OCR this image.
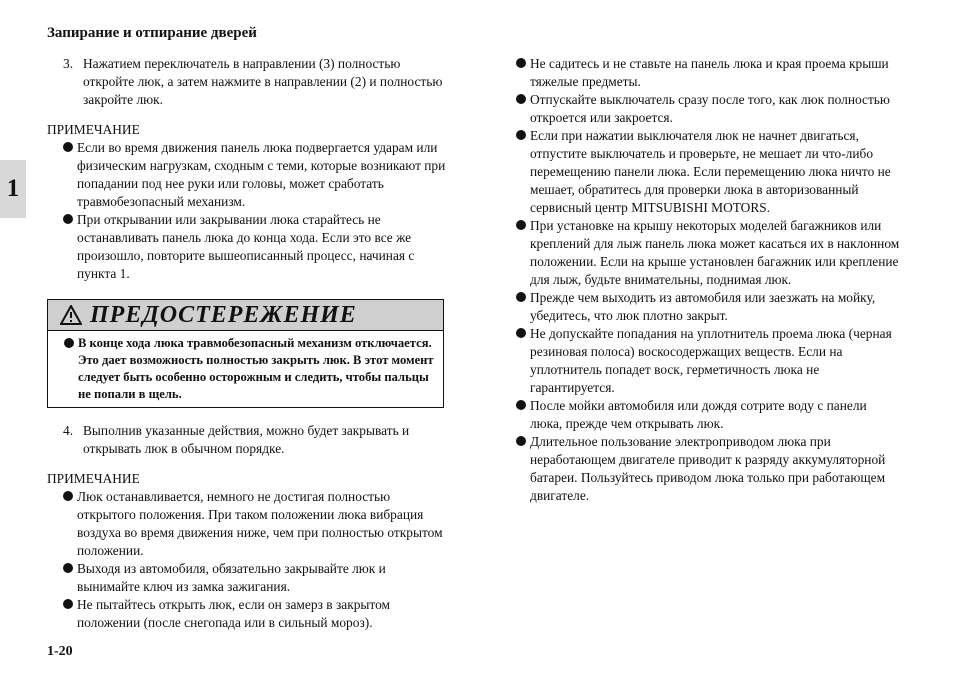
Запирание и отпирание дверей
1
3. Нажатием переключатель в направлении (3) полностью откройте люк, а затем нажмите в направлении (2) и полностью закройте люк.
ПРИМЕЧАНИЕ
Если во время движения панель люка подвергается ударам или физическим нагрузкам, сходным с теми, которые возникают при попадании под нее руки или головы, может сработать травмобезопасный механизм.
При открывании или закрывании люка старайтесь не останавливать панель люка до конца хода. Если это все же произошло, повторите вышеописанный процесс, начиная с пункта 1.
ПРЕДОСТЕРЕЖЕНИЕ
В конце хода люка травмобезопасный механизм отключается. Это дает возможность полностью закрыть люк. В этот момент следует быть особенно осторожным и следить, чтобы пальцы не попали в щель.
4. Выполнив указанные действия, можно будет закрывать и открывать люк в обычном порядке.
ПРИМЕЧАНИЕ
Люк останавливается, немного не достигая полностью открытого положения. При таком положении люка вибрация воздуха во время движения ниже, чем при полностью открытом положении.
Выходя из автомобиля, обязательно закрывайте люк и вынимайте ключ из замка зажигания.
Не пытайтесь открыть люк, если он замерз в закрытом положении (после снегопада или в сильный мороз).
Не садитесь и не ставьте на панель люка и края проема крыши тяжелые предметы.
Отпускайте выключатель сразу после того, как люк полностью откроется или закроется.
Если при нажатии выключателя люк не начнет двигаться, отпустите выключатель и проверьте, не мешает ли что-либо перемещению панели люка. Если перемещению люка ничто не мешает, обратитесь для проверки люка в авторизованный сервисный центр MITSUBISHI MOTORS.
При установке на крышу некоторых моделей багажников или креплений для лыж панель люка может касаться их в наклонном положении. Если на крыше установлен багажник или крепление для лыж, будьте внимательны, поднимая люк.
Прежде чем выходить из автомобиля или заезжать на мойку, убедитесь, что люк плотно закрыт.
Не допускайте попадания на уплотнитель проема люка (черная резиновая полоса) воскосодержащих веществ. Если на уплотнитель попадет воск, герметичность люка не гарантируется.
После мойки автомобиля или дождя сотрите воду с панели люка, прежде чем открывать люк.
Длительное пользование электроприводом люка при неработающем двигателе приводит к разряду аккумуляторной батареи. Пользуйтесь приводом люка только при работающем двигателе.
1-20
